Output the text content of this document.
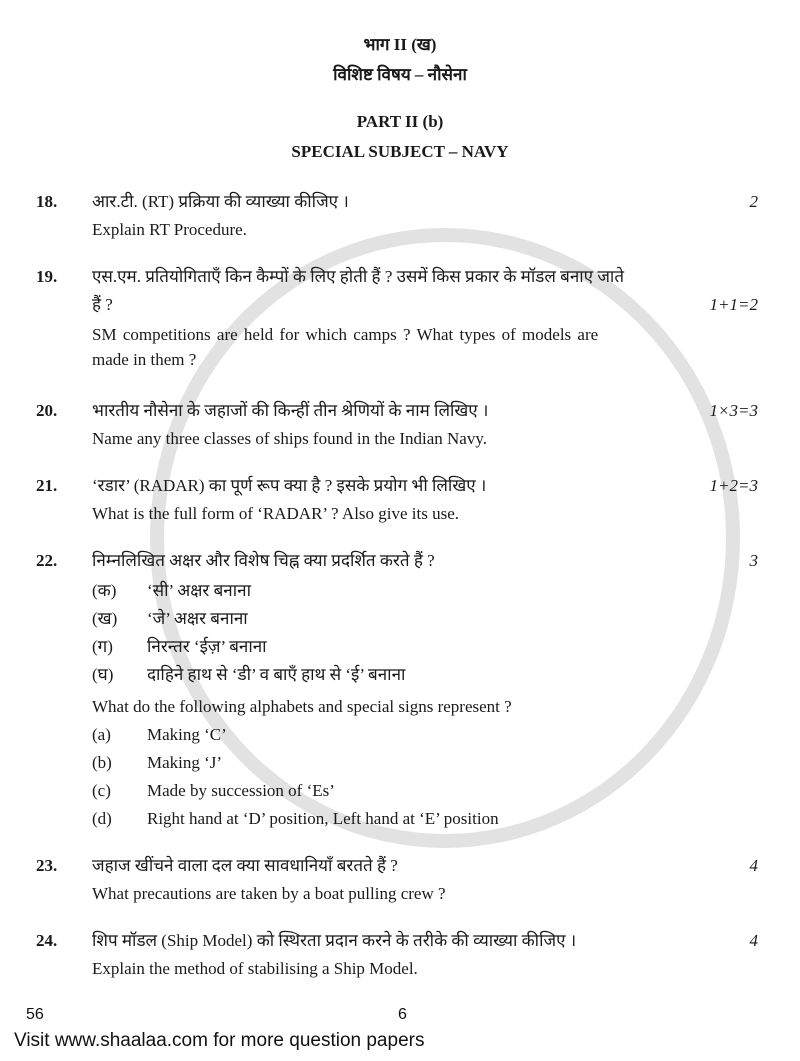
भाग II (ख)
विशिष्ट विषय – नौसेना
PART II (b)
SPECIAL SUBJECT – NAVY
18.	आर.टी. (RT) प्रक्रिया की व्याख्या कीजिए ।	2
Explain RT Procedure.
19.	एस.एम. प्रतियोगिताएँ किन कैम्पों के लिए होती हैं ? उसमें किस प्रकार के मॉडल बनाए जाते
हैं ?	1+1=2
SM competitions are held for which camps ? What types of models are
made in them ?
20.	भारतीय नौसेना के जहाजों की किन्हीं तीन श्रेणियों के नाम लिखिए ।	1×3=3
Name any three classes of ships found in the Indian Navy.
21.	‘रडार’ (RADAR) का पूर्ण रूप क्या है ? इसके प्रयोग भी लिखिए ।	1+2=3
What is the full form of ‘RADAR’ ? Also give its use.
22.	निम्नलिखित अक्षर और विशेष चिह्न क्या प्रदर्शित करते हैं ?	3
(क)	‘सी’ अक्षर बनाना
(ख)	‘जे’ अक्षर बनाना
(ग)	निरन्तर ‘ईज़’ बनाना
(घ)	दाहिने हाथ से ‘डी’ व बाएँ हाथ से ‘ई’ बनाना
What do the following alphabets and special signs represent ?
(a)	Making ‘C’
(b)	Making ‘J’
(c)	Made by succession of ‘Es’
(d)	Right hand at ‘D’ position, Left hand at ‘E’ position
23.	जहाज खींचने वाला दल क्या सावधानियाँ बरतते हैं ?	4
What precautions are taken by a boat pulling crew ?
24.	शिप मॉडल (Ship Model) को स्थिरता प्रदान करने के तरीके की व्याख्या कीजिए ।	4
Explain the method of stabilising a Ship Model.
56	6
Visit www.shaalaa.com for more question papers
